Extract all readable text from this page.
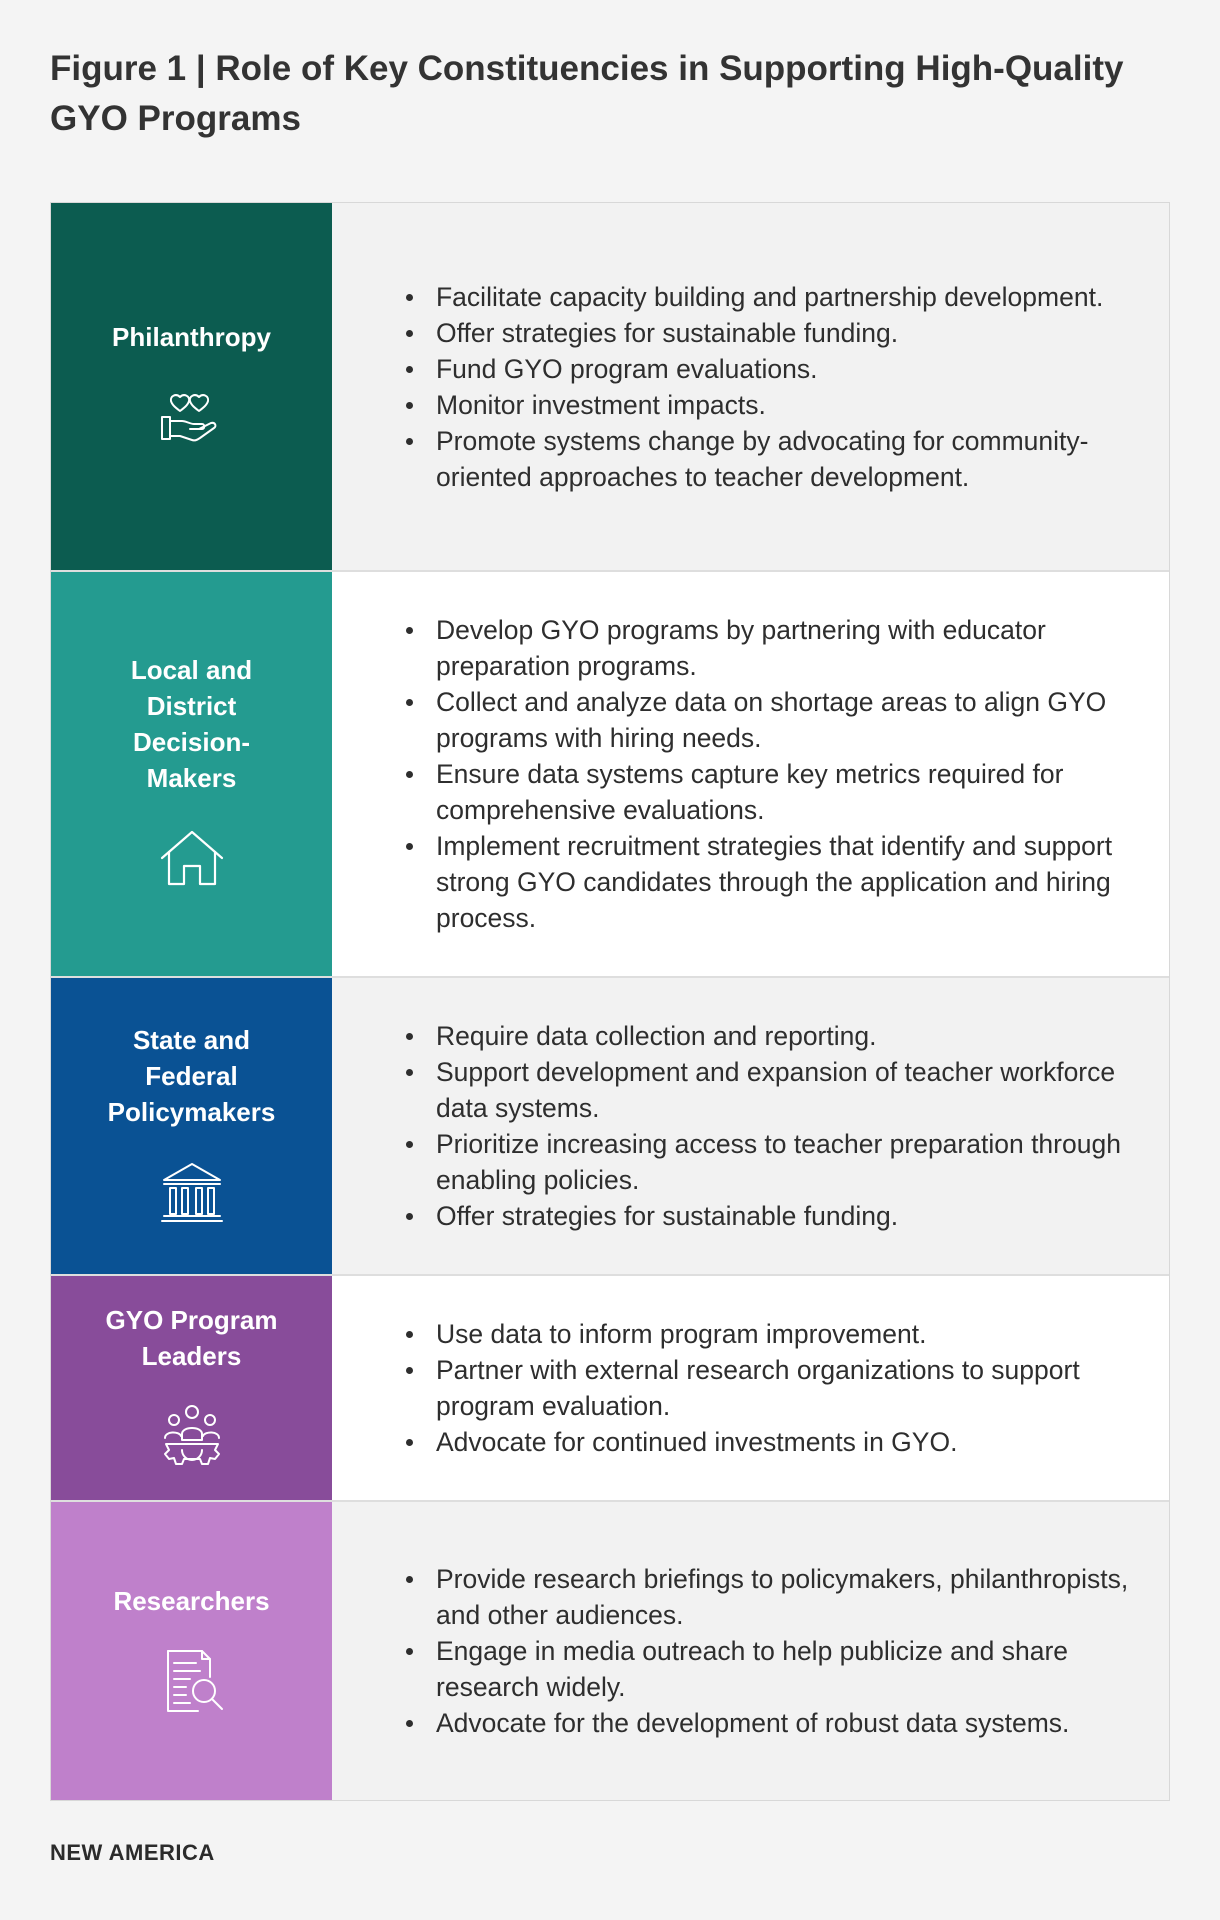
Figure 1 | Role of Key Constituencies in Supporting High-Quality GYO Programs
Philanthropy
Facilitate capacity building and partnership development.
Offer strategies for sustainable funding.
Fund GYO program evaluations.
Monitor investment impacts.
Promote systems change by advocating for community-oriented approaches to teacher development.
Local and
District
Decision-
Makers
Develop GYO programs by partnering with educator preparation programs.
Collect and analyze data on shortage areas to align GYO programs with hiring needs.
Ensure data systems capture key metrics required for comprehensive evaluations.
Implement recruitment strategies that identify and support strong GYO candidates through the application and hiring process.
State and
Federal
Policymakers
Require data collection and reporting.
Support development and expansion of teacher workforce data systems.
Prioritize increasing access to teacher preparation through enabling policies.
Offer strategies for sustainable funding.
GYO Program
Leaders
Use data to inform program improvement.
Partner with external research organizations to support program evaluation.
Advocate for continued investments in GYO.
Researchers
Provide research briefings to policymakers, philanthropists, and other audiences.
Engage in media outreach to help publicize and share research widely.
Advocate for the development of robust data systems.
NEW AMERICA
